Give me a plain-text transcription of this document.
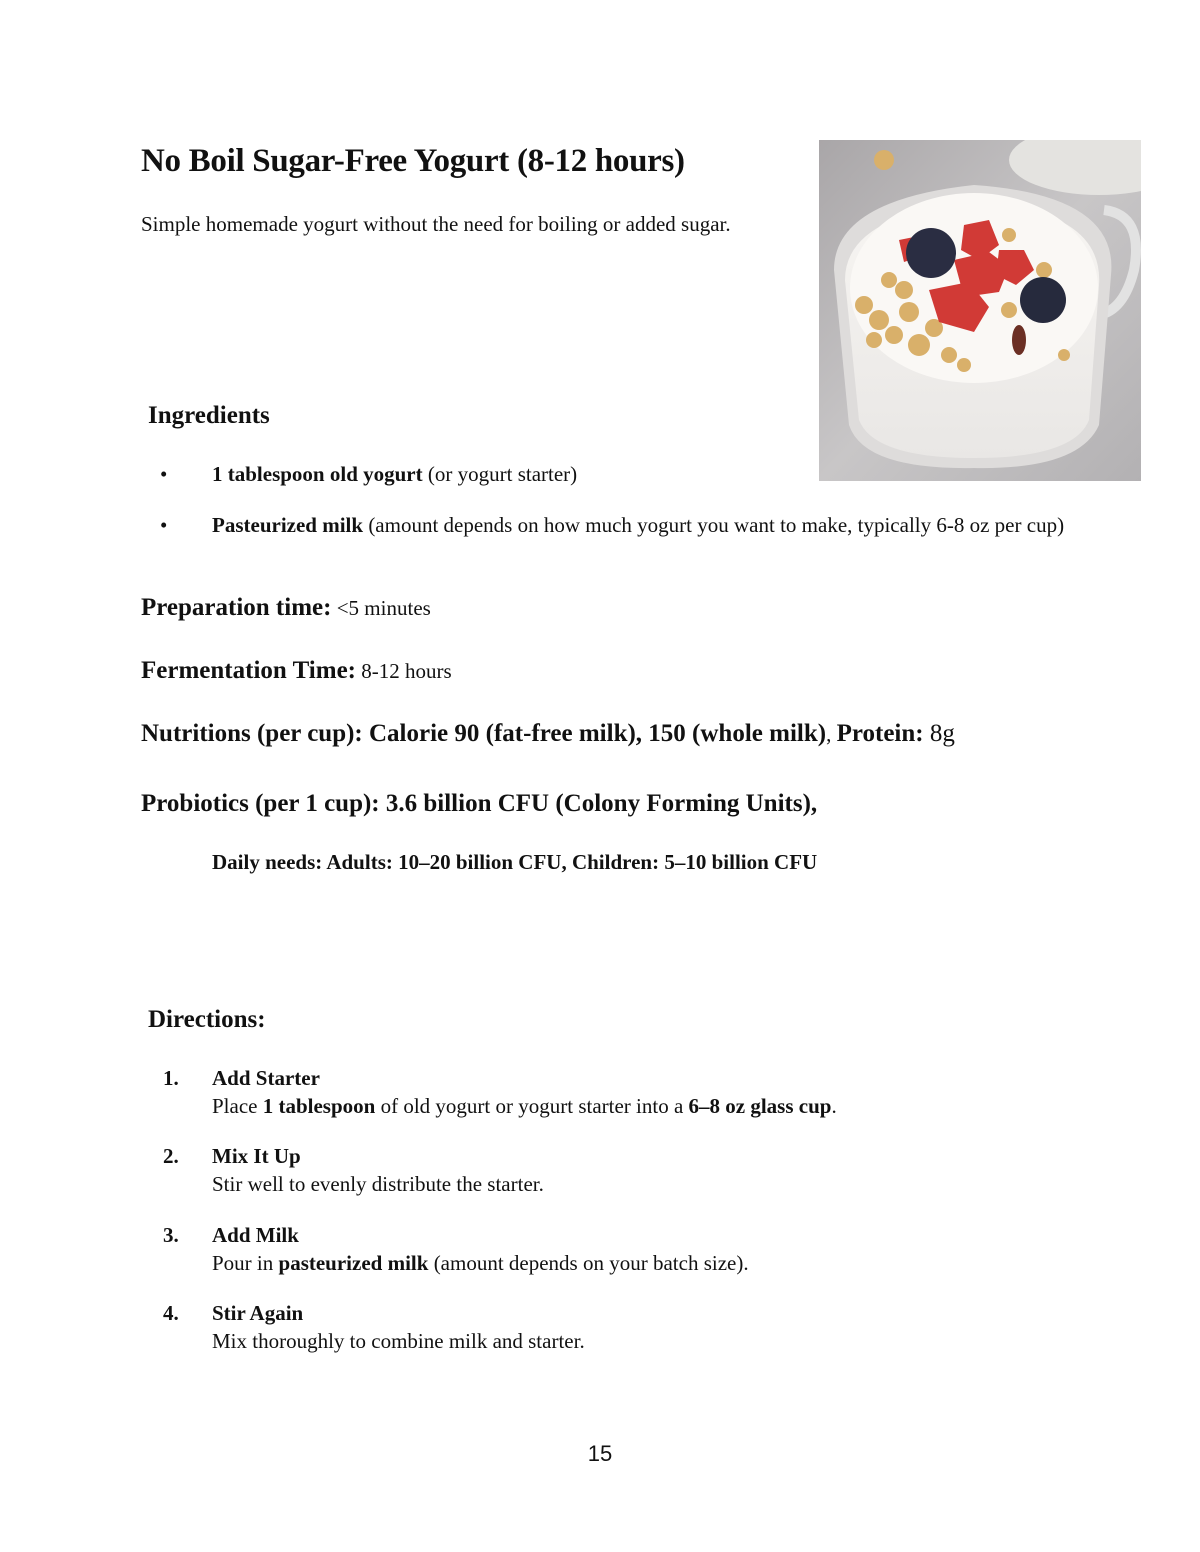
No Boil Sugar-Free Yogurt (8-12 hours)
Simple homemade yogurt without the need for boiling or added sugar.
Ingredients
•	1 tablespoon old yogurt (or yogurt starter)
•	Pasteurized milk (amount depends on how much yogurt you want to make, typically 6-8 oz per cup)
Preparation time: <5 minutes
Fermentation Time: 8-12 hours
Nutritions (per cup): Calorie 90 (fat-free milk), 150 (whole milk), Protein: 8g
Probiotics (per 1 cup): 3.6 billion CFU (Colony Forming Units),
Daily needs: Adults: 10–20 billion CFU, Children: 5–10 billion CFU
Directions:
1. Add Starter
Place 1 tablespoon of old yogurt or yogurt starter into a 6–8 oz glass cup.
2. Mix It Up
Stir well to evenly distribute the starter.
3. Add Milk
Pour in pasteurized milk (amount depends on your batch size).
4. Stir Again
Mix thoroughly to combine milk and starter.
15
